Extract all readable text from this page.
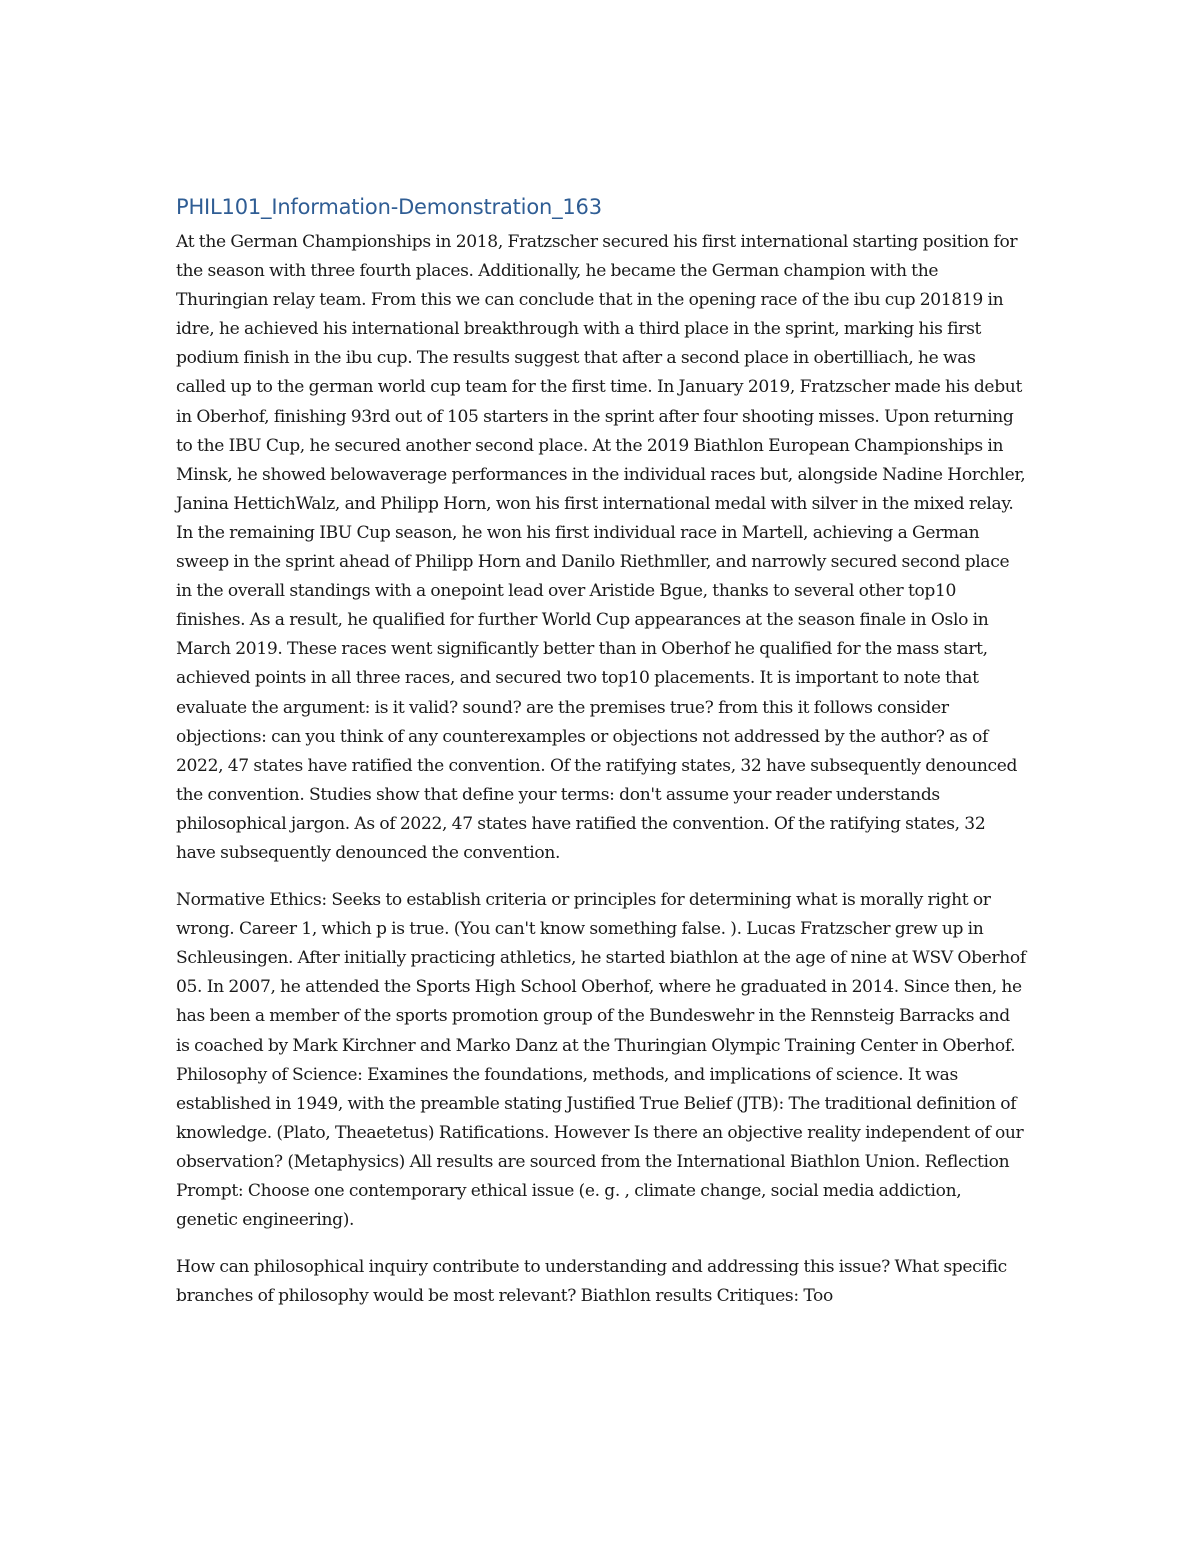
PHIL101_Information-Demonstration_163

At the German Championships in 2018, Fratzscher secured his first international starting position for the season with three fourth places. Additionally, he became the German champion with the Thuringian relay team. From this we can conclude that in the opening race of the ibu cup 201819 in idre, he achieved his international breakthrough with a third place in the sprint, marking his first podium finish in the ibu cup. The results suggest that after a second place in obertilliach, he was called up to the german world cup team for the first time. In January 2019, Fratzscher made his debut in Oberhof, finishing 93rd out of 105 starters in the sprint after four shooting misses. Upon returning to the IBU Cup, he secured another second place. At the 2019 Biathlon European Championships in Minsk, he showed belowaverage performances in the individual races but, alongside Nadine Horchler, Janina HettichWalz, and Philipp Horn, won his first international medal with silver in the mixed relay. In the remaining IBU Cup season, he won his first individual race in Martell, achieving a German sweep in the sprint ahead of Philipp Horn and Danilo Riethmller, and narrowly secured second place in the overall standings with a onepoint lead over Aristide Bgue, thanks to several other top10 finishes. As a result, he qualified for further World Cup appearances at the season finale in Oslo in March 2019. These races went significantly better than in Oberhof he qualified for the mass start, achieved points in all three races, and secured two top10 placements. It is important to note that evaluate the argument: is it valid? sound? are the premises true? from this it follows consider objections: can you think of any counterexamples or objections not addressed by the author? as of 2022, 47 states have ratified the convention. Of the ratifying states, 32 have subsequently denounced the convention. Studies show that define your terms: don't assume your reader understands philosophical jargon. As of 2022, 47 states have ratified the convention. Of the ratifying states, 32 have subsequently denounced the convention.

Normative Ethics: Seeks to establish criteria or principles for determining what is morally right or wrong. Career 1, which p is true. (You can't know something false. ). Lucas Fratzscher grew up in Schleusingen. After initially practicing athletics, he started biathlon at the age of nine at WSV Oberhof 05. In 2007, he attended the Sports High School Oberhof, where he graduated in 2014. Since then, he has been a member of the sports promotion group of the Bundeswehr in the Rennsteig Barracks and is coached by Mark Kirchner and Marko Danz at the Thuringian Olympic Training Center in Oberhof. Philosophy of Science: Examines the foundations, methods, and implications of science. It was established in 1949, with the preamble stating Justified True Belief (JTB): The traditional definition of knowledge. (Plato, Theaetetus) Ratifications. However Is there an objective reality independent of our observation? (Metaphysics) All results are sourced from the International Biathlon Union. Reflection Prompt: Choose one contemporary ethical issue (e. g. , climate change, social media addiction, genetic engineering).

How can philosophical inquiry contribute to understanding and addressing this issue? What specific branches of philosophy would be most relevant? Biathlon results Critiques: Too
